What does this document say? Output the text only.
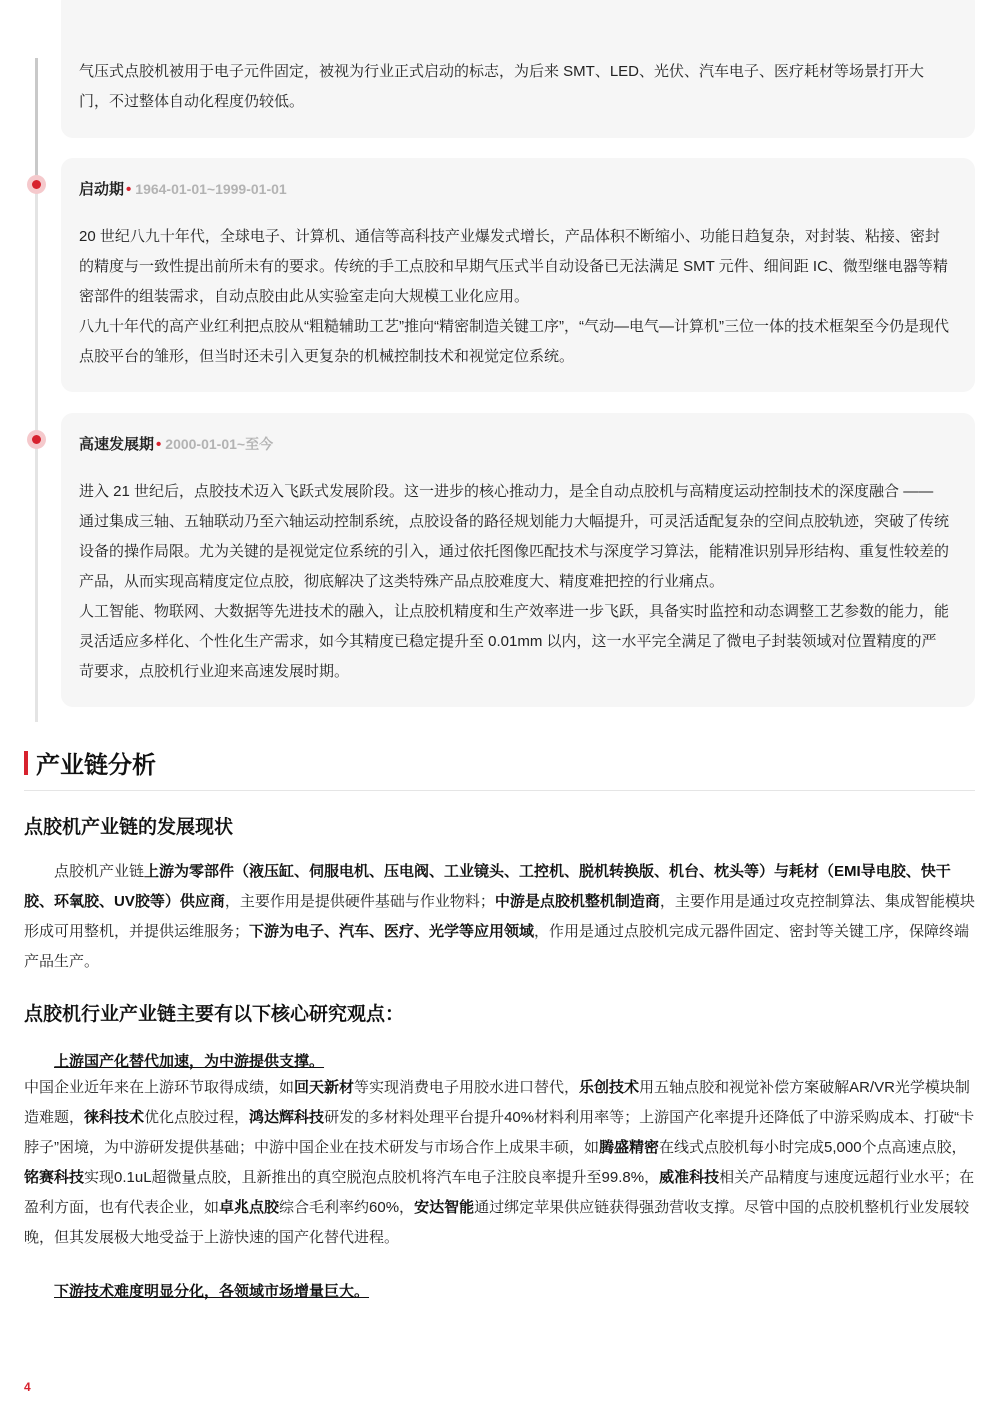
气压式点胶机被用于电子元件固定，被视为行业正式启动的标志，为后来 SMT、LED、光伏、汽车电子、医疗耗材等场景打开大门，不过整体自动化程度仍较低。

启动期 • 1964-01-01~1999-01-01

20 世纪八九十年代，全球电子、计算机、通信等高科技产业爆发式增长，产品体积不断缩小、功能日趋复杂，对封装、粘接、密封的精度与一致性提出前所未有的要求。传统的手工点胶和早期气压式半自动设备已无法满足 SMT 元件、细间距 IC、微型继电器等精密部件的组装需求，自动点胶由此从实验室走向大规模工业化应用。

八九十年代的高产业红利把点胶从“粗糙辅助工艺”推向“精密制造关键工序”，“气动—电气—计算机”三位一体的技术框架至今仍是现代点胶平台的雏形，但当时还未引入更复杂的机械控制技术和视觉定位系统。

高速发展期 • 2000-01-01~至今

进入 21 世纪后，点胶技术迈入飞跃式发展阶段。这一进步的核心推动力，是全自动点胶机与高精度运动控制技术的深度融合 —— 通过集成三轴、五轴联动乃至六轴运动控制系统，点胶设备的路径规划能力大幅提升，可灵活适配复杂的空间点胶轨迹，突破了传统设备的操作局限。尤为关键的是视觉定位系统的引入，通过依托图像匹配技术与深度学习算法，能精准识别异形结构、重复性较差的产品，从而实现高精度定位点胶，彻底解决了这类特殊产品点胶难度大、精度难把控的行业痛点。

人工智能、物联网、大数据等先进技术的融入，让点胶机精度和生产效率进一步飞跃，具备实时监控和动态调整工艺参数的能力，能灵活适应多样化、个性化生产需求，如今其精度已稳定提升至 0.01mm 以内，这一水平完全满足了微电子封装领域对位置精度的严苛要求，点胶机行业迎来高速发展时期。

产业链分析
点胶机产业链的发展现状

点胶机产业链上游为零部件（液压缸、伺服电机、压电阀、工业镜头、工控机、脱机转换版、机台、枕头等）与耗材（EMI导电胶、快干胶、环氧胶、UV胶等）供应商，主要作用是提供硬件基础与作业物料；中游是点胶机整机制造商，主要作用是通过攻克控制算法、集成智能模块形成可用整机，并提供运维服务；下游为电子、汽车、医疗、光学等应用领域，作用是通过点胶机完成元器件固定、密封等关键工序，保障终端产品生产。

点胶机行业产业链主要有以下核心研究观点：

上游国产化替代加速，为中游提供支撑。

中国企业近年来在上游环节取得成绩，如回天新材等实现消费电子用胶水进口替代，乐创技术用五轴点胶和视觉补偿方案破解AR/VR光学模块制造难题，徕科技术优化点胶过程，鸿达辉科技研发的多材料处理平台提升40%材料利用率等；上游国产化率提升还降低了中游采购成本、打破“卡脖子”困境，为中游研发提供基础；中游中国企业在技术研发与市场合作上成果丰硕，如腾盛精密在线式点胶机每小时完成5,000个点高速点胶，铭赛科技实现0.1uL超微量点胶，且新推出的真空脱泡点胶机将汽车电子注胶良率提升至99.8%，威准科技相关产品精度与速度远超行业水平；在盈利方面，也有代表企业，如卓兆点胶综合毛利率约60%，安达智能通过绑定苹果供应链获得强劲营收支撑。尽管中国的点胶机整机行业发展较晚，但其发展极大地受益于上游快速的国产化替代进程。

下游技术难度明显分化，各领域市场增量巨大。

4
